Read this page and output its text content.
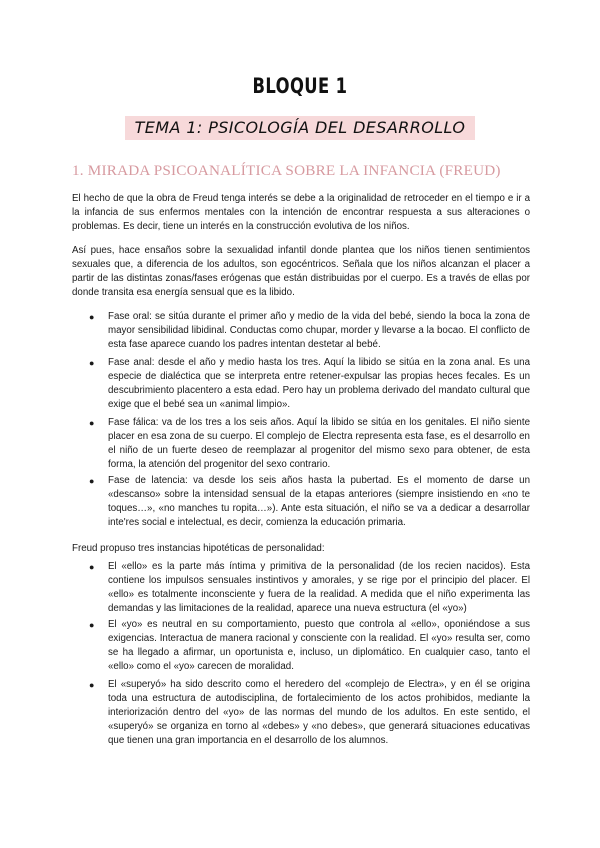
BLOQUE 1
TEMA 1: PSICOLOGÍA DEL DESARROLLO
1. MIRADA PSICOANALÍTICA SOBRE LA INFANCIA (FREUD)

El hecho de que la obra de Freud tenga interés se debe a la originalidad de retroceder en el tiempo e ir a la infancia de sus enfermos mentales con la intención de encontrar respuesta a sus alteraciones o problemas. Es decir, tiene un interés en la construcción evolutiva de los niños.

Así pues, hace ensaños sobre la sexualidad infantil donde plantea que los niños tienen sentimientos sexuales que, a diferencia de los adultos, son egocéntricos. Señala que los niños alcanzan el placer a partir de las distintas zonas/fases erógenas que están distribuidas por el cuerpo. Es a través de ellas por donde transita esa energía sensual que es la libido.

● Fase oral: se sitúa durante el primer año y medio de la vida del bebé, siendo la boca la zona de mayor sensibilidad libidinal. Conductas como chupar, morder y llevarse a la bocao. El conflicto de esta fase aparece cuando los padres intentan destetar al bebé.

● Fase anal: desde el año y medio hasta los tres. Aquí la libido se sitúa en la zona anal. Es una especie de dialéctica que se interpreta entre retener-expulsar las propias heces fecales. Es un descubrimiento placentero a esta edad. Pero hay un problema derivado del mandato cultural que exige que el bebé sea un «animal limpio».

● Fase fálica: va de los tres a los seis años. Aquí la libido se sitúa en los genitales. El niño siente placer en esa zona de su cuerpo. El complejo de Electra representa esta fase, es el desarrollo en el niño de un fuerte deseo de reemplazar al progenitor del mismo sexo para obtener, de esta forma, la atención del progenitor del sexo contrario.

● Fase de latencia: va desde los seis años hasta la pubertad. Es el momento de darse un «descanso» sobre la intensidad sensual de la etapas anteriores (siempre insistiendo en «no te toques…», «no manches tu ropita…»). Ante esta situación, el niño se va a dedicar a desarrollar inte'res social e intelectual, es decir, comienza la educación primaria.

Freud propuso tres instancias hipotéticas de personalidad:

● El «ello» es la parte más íntima y primitiva de la personalidad (de los recien nacidos). Esta contiene los impulsos sensuales instintivos y amorales, y se rige por el principio del placer. El «ello» es totalmente inconsciente y fuera de la realidad. A medida que el niño experimenta las demandas y las limitaciones de la realidad, aparece una nueva estructura (el «yo»)

● El «yo» es neutral en su comportamiento, puesto que controla al «ello», oponiéndose a sus exigencias. Interactua de manera racional y consciente con la realidad. El «yo» resulta ser, como se ha llegado a afirmar, un oportunista e, incluso, un diplomático. En cualquier caso, tanto el «ello» como el «yo» carecen de moralidad.

● El «superyó» ha sido descrito como el heredero del «complejo de Electra», y en él se origina toda una estructura de autodisciplina, de fortalecimiento de los actos prohibidos, mediante la interiorización dentro del «yo» de las normas del mundo de los adultos. En este sentido, el «superyó» se organiza en torno al «debes» y «no debes», que generará situaciones educativas que tienen una gran importancia en el desarrollo de los alumnos.
